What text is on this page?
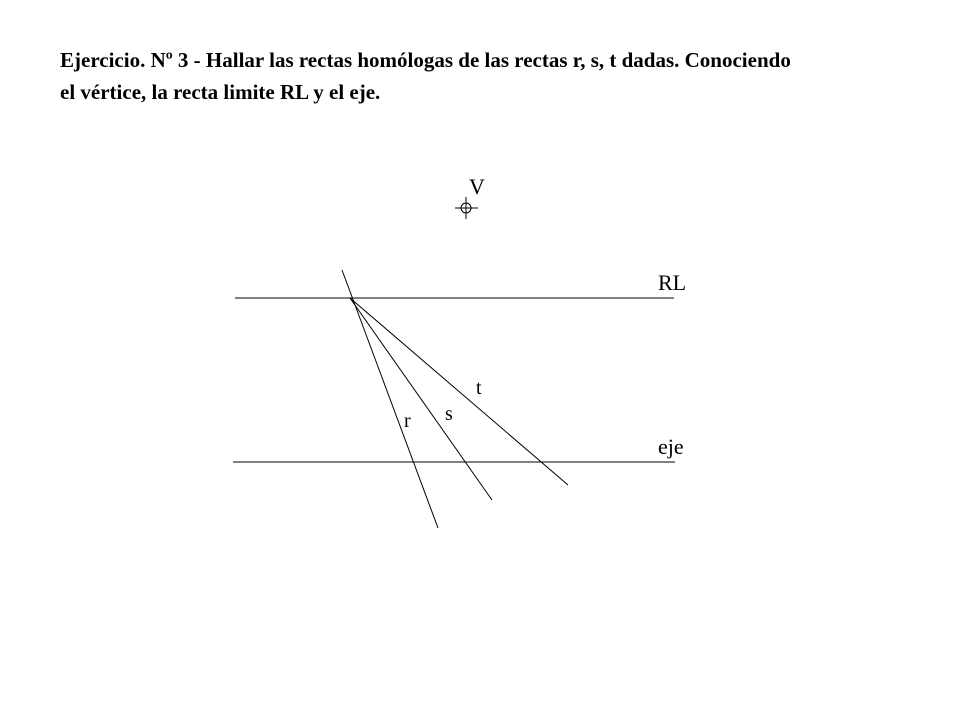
Ejercicio. Nº 3 - Hallar las rectas homólogas de las rectas r, s, t dadas. Conociendo
el vértice, la recta limite RL y el eje.
V
RL
eje
r s
t
